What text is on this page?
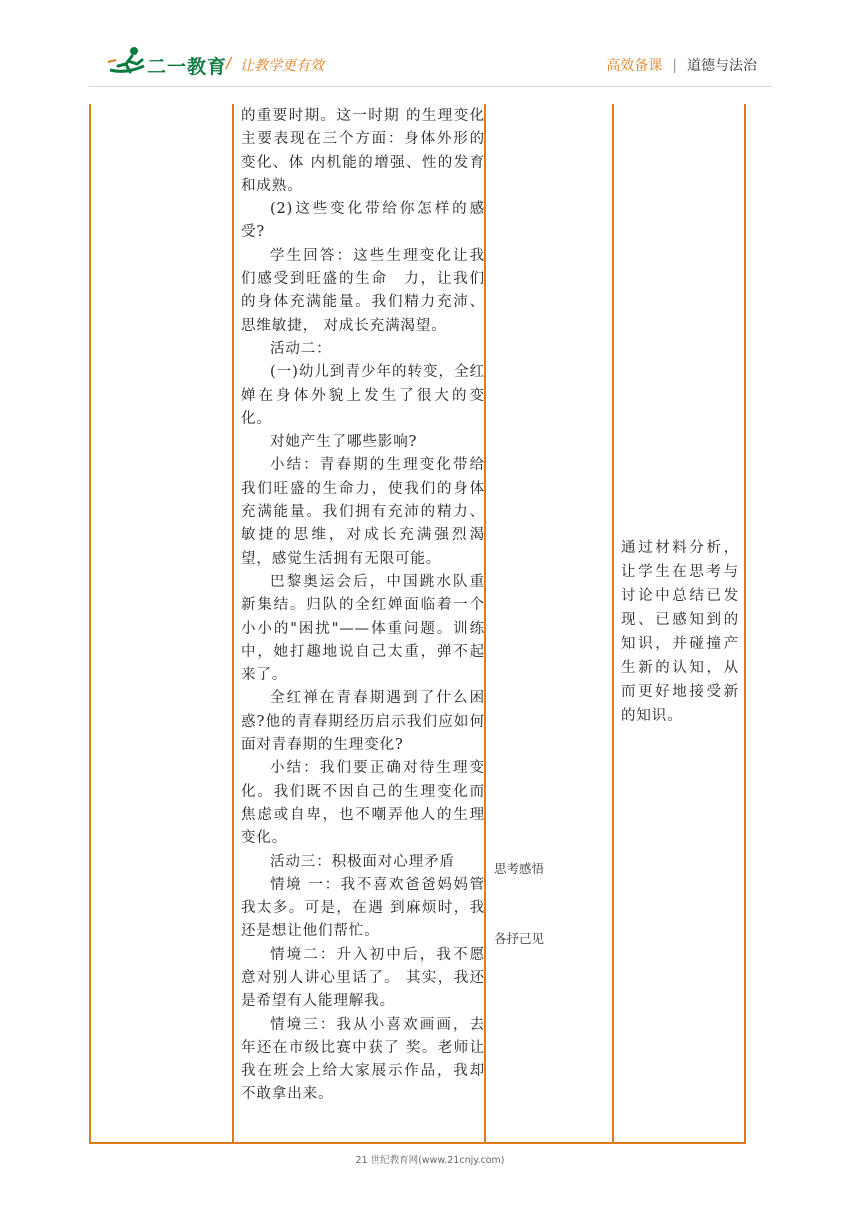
二一教育
/ 让教学更有效	高效备课 | 道德与法治

的重要时期。这一时期 的生理变化主要表现在三个方面：身体外形的变化、体 内机能的增强、性的发育和成熟。

(2)这些变化带给你怎样的感受?

学生回答：这些生理变化让我们感受到旺盛的生命　力，让我们的身体充满能量。我们精力充沛、思维敏捷， 对成长充满渴望。

活动二：

(一)幼儿到青少年的转变，全红婵在身体外貌上发生了很大的变化。

对她产生了哪些影响?

小结：青春期的生理变化带给我们旺盛的生命力，使我们的身体充满能量。我们拥有充沛的精力、敏捷的思维，对成长充满强烈渴望，感觉生活拥有无限可能。

巴黎奥运会后，中国跳水队重新集结。归队的全红婵面临着一个小小的"困扰"——体重问题。训练中，她打趣地说自己太重，弹不起来了。

全红禅在青春期遇到了什么困惑?他的青春期经历启示我们应如何面对青春期的生理变化?

小结：我们要正确对待生理变化。我们既不因自己的生理变化而焦虑或自卑，也不嘲弄他人的生理变化。

活动三：积极面对心理矛盾

情境 一：我不喜欢爸爸妈妈管我太多。可是，在遇 到麻烦时，我还是想让他们帮忙。

情境二：升入初中后，我不愿意对别人讲心里话了。 其实，我还是希望有人能理解我。

情境三：我从小喜欢画画，去年还在市级比赛中获了 奖。老师让我在班会上给大家展示作品，我却不敢拿出来。

思考感悟
各抒己见
通过材料分析，让学生在思考与讨论中总结已发现、已感知到的知识，并碰撞产生新的认知，从而更好地接受新的知识。
21 世纪教育网(www.21cnjy.com)
